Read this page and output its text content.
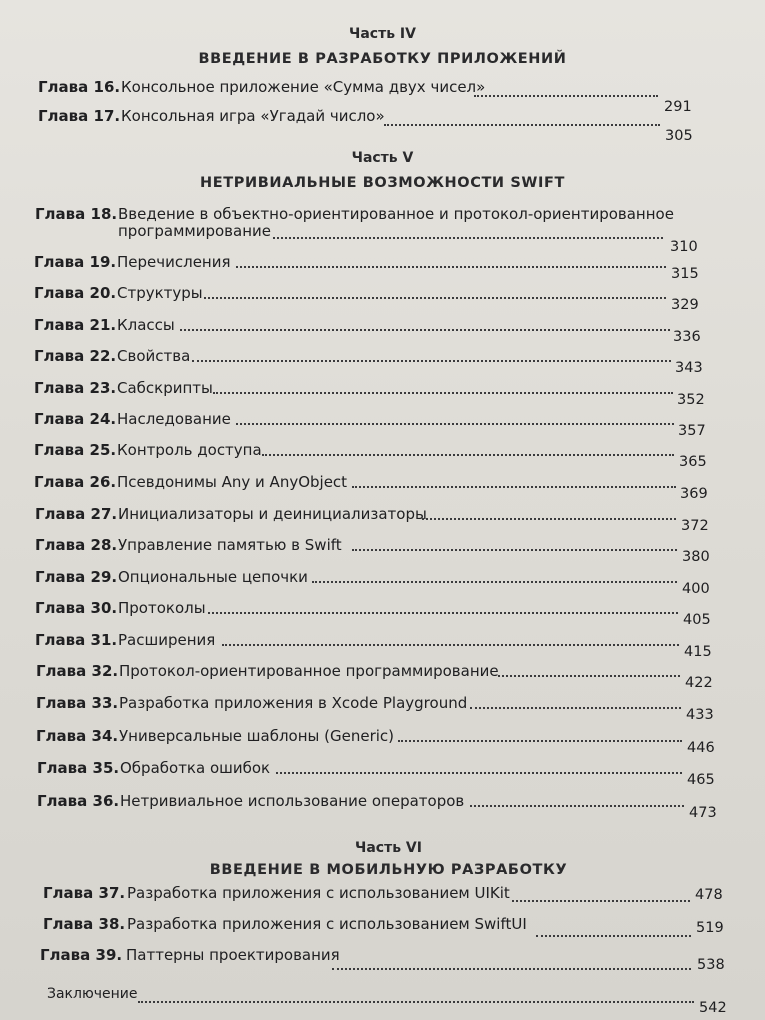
Часть IV
ВВЕДЕНИЕ В РАЗРАБОТКУ ПРИЛОЖЕНИЙ
Глава 16. Консольное приложение «Сумма двух чисел»
291
Глава 17. Консольная игра «Угадай число»
305
Часть V
НЕТРИВИАЛЬНЫЕ ВОЗМОЖНОСТИ SWIFT
Глава 18. Введение в объектно-ориентированное и протокол-ориентированное
программирование
310
Глава 19. Перечисления
315
Глава 20. Структуры
329
Глава 21. Классы
336
Глава 22. Свойства
343
Глава 23. Сабскрипты
352
Глава 24. Наследование
357
Глава 25. Контроль доступа
365
Глава 26. Псевдонимы Any и AnyObject
369
Глава 27. Инициализаторы и деинициализаторы
372
Глава 28. Управление памятью в Swift
380
Глава 29. Опциональные цепочки
400
Глава 30. Протоколы
405
Глава 31. Расширения
415
Глава 32. Протокол-ориентированное программирование
422
Глава 33. Разработка приложения в Xcode Playground
433
Глава 34. Универсальные шаблоны (Generic)
446
Глава 35. Обработка ошибок
465
Глава 36. Нетривиальное использование операторов
473
Часть VI
ВВЕДЕНИЕ В МОБИЛЬНУЮ РАЗРАБОТКУ
Глава 37. Разработка приложения с использованием UIKit	478
Глава 38. Разработка приложения с использованием SwiftUI	519
Глава 39. Паттерны проектирования
538
Заключение
542
